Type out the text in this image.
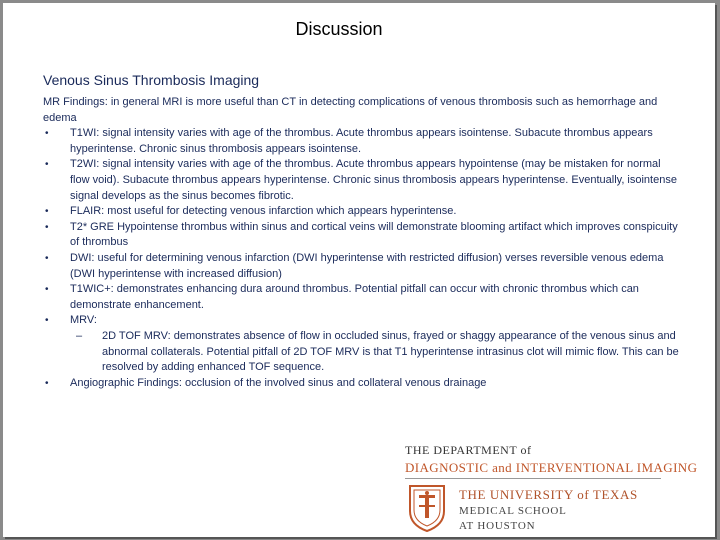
Discussion
Venous Sinus Thrombosis Imaging

MR Findings: in general MRI is more useful than CT in detecting complications of venous thrombosis such as hemorrhage and edema

• T1WI: signal intensity varies with age of the thrombus. Acute thrombus appears isointense. Subacute thrombus appears hyperintense. Chronic sinus thrombosis appears isointense.
• T2WI: signal intensity varies with age of the thrombus. Acute thrombus appears hypointense (may be mistaken for normal flow void). Subacute thrombus appears hyperintense. Chronic sinus thrombosis appears hyperintense. Eventually, isointense signal develops as the sinus becomes fibrotic.
• FLAIR: most useful for detecting venous infarction which appears hyperintense.
• T2* GRE Hypointense thrombus within sinus and cortical veins will demonstrate blooming artifact which improves conspicuity of thrombus
• DWI: useful for determining venous infarction (DWI hyperintense with restricted diffusion) verses reversible venous edema (DWI hyperintense with increased diffusion)
• T1WIC+: demonstrates enhancing dura around thrombus. Potential pitfall can occur with chronic thrombus which can demonstrate enhancement.
• MRV:
– 2D TOF MRV: demonstrates absence of flow in occluded sinus, frayed or shaggy appearance of the venous sinus and abnormal collaterals. Potential pitfall of 2D TOF MRV is that T1 hyperintense intrasinus clot will mimic flow. This can be resolved by adding enhanced TOF sequence.
• Angiographic Findings: occlusion of the involved sinus and collateral venous drainage
THE DEPARTMENT of
DIAGNOSTIC and INTERVENTIONAL IMAGING
THE UNIVERSITY of TEXAS
MEDICAL SCHOOL
AT HOUSTON
